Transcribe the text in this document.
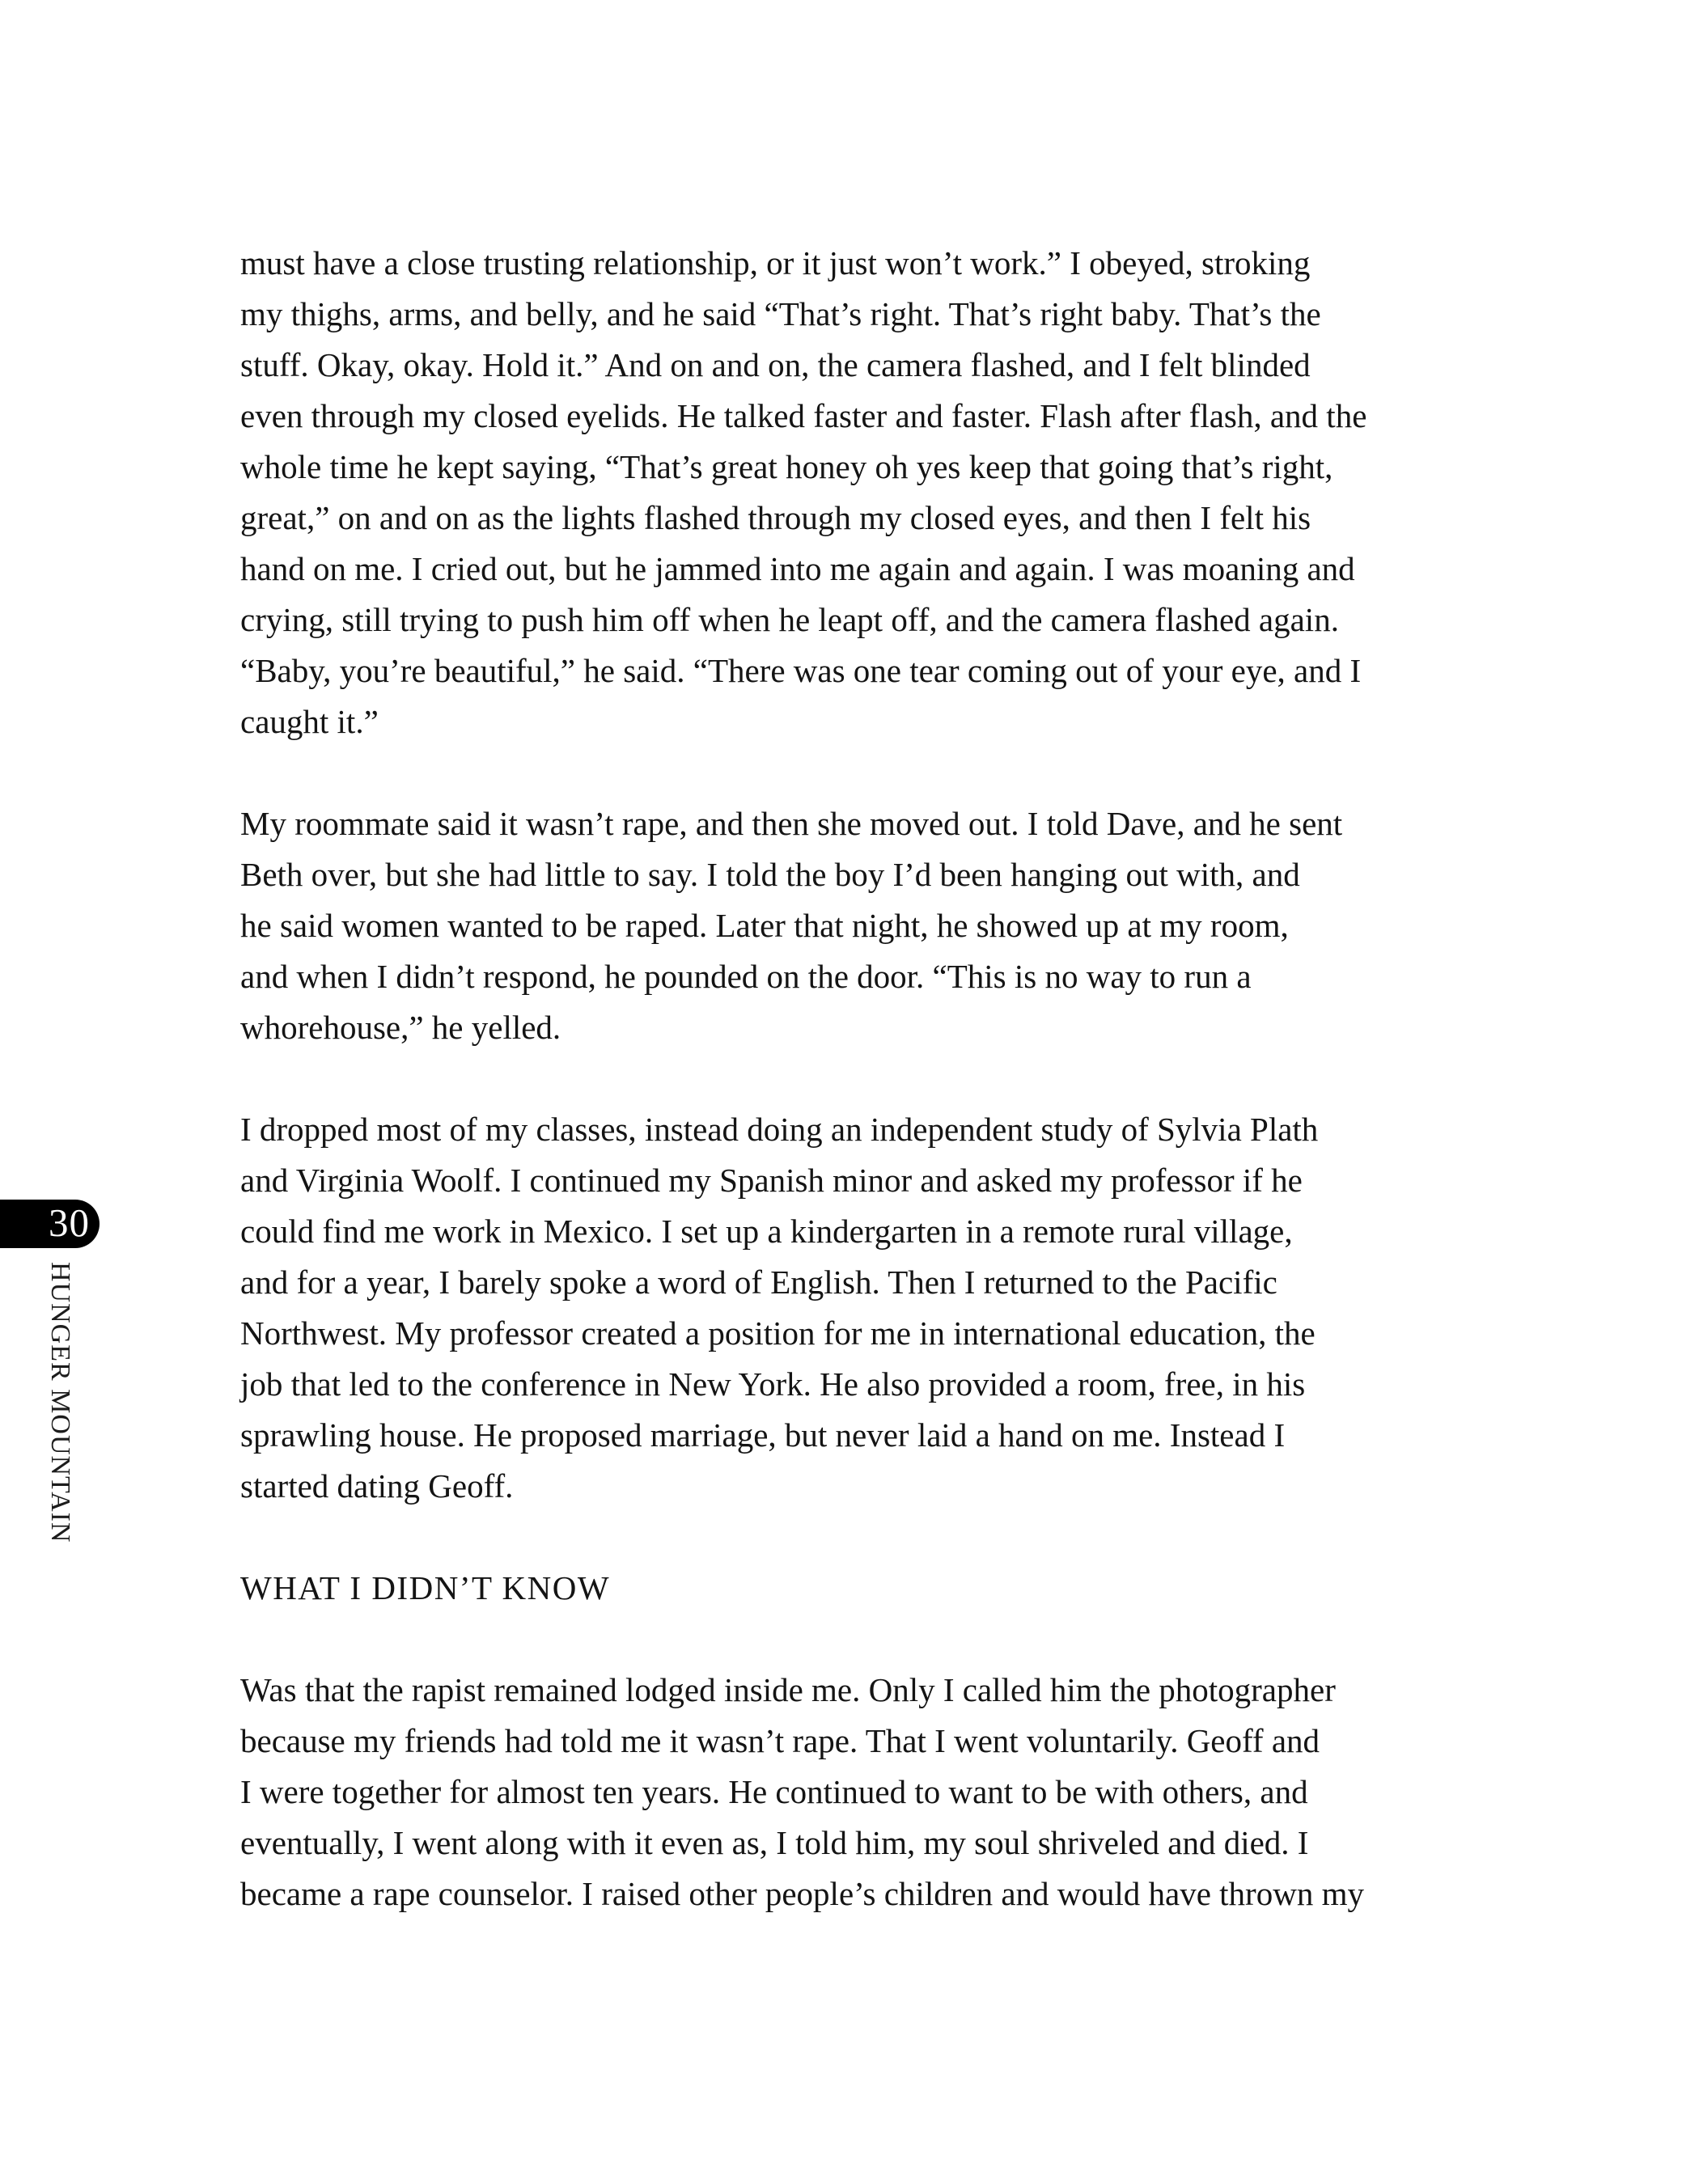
30
HUNGER MOUNTAIN
must have a close trusting relationship, or it just won’t work.” I obeyed, stroking
my thighs, arms, and belly, and he said “That’s right. That’s right baby. That’s the
stuff. Okay, okay. Hold it.” And on and on, the camera flashed, and I felt blinded
even through my closed eyelids. He talked faster and faster. Flash after flash, and the
whole time he kept saying, “That’s great honey oh yes keep that going that’s right,
great,” on and on as the lights flashed through my closed eyes, and then I felt his
hand on me. I cried out, but he jammed into me again and again. I was moaning and
crying, still trying to push him off when he leapt off, and the camera flashed again.
“Baby, you’re beautiful,” he said. “There was one tear coming out of your eye, and I
caught it.”
My roommate said it wasn’t rape, and then she moved out. I told Dave, and he sent
Beth over, but she had little to say. I told the boy I’d been hanging out with, and
he said women wanted to be raped. Later that night, he showed up at my room,
and when I didn’t respond, he pounded on the door. “This is no way to run a
whorehouse,” he yelled.
I dropped most of my classes, instead doing an independent study of Sylvia Plath
and Virginia Woolf. I continued my Spanish minor and asked my professor if he
could find me work in Mexico. I set up a kindergarten in a remote rural village,
and for a year, I barely spoke a word of English. Then I returned to the Pacific
Northwest. My professor created a position for me in international education, the
job that led to the conference in New York. He also provided a room, free, in his
sprawling house. He proposed marriage, but never laid a hand on me. Instead I
started dating Geoff.
WHAT I DIDN’T KNOW
Was that the rapist remained lodged inside me. Only I called him the photographer
because my friends had told me it wasn’t rape. That I went voluntarily. Geoff and
I were together for almost ten years. He continued to want to be with others, and
eventually, I went along with it even as, I told him, my soul shriveled and died. I
became a rape counselor. I raised other people’s children and would have thrown my
